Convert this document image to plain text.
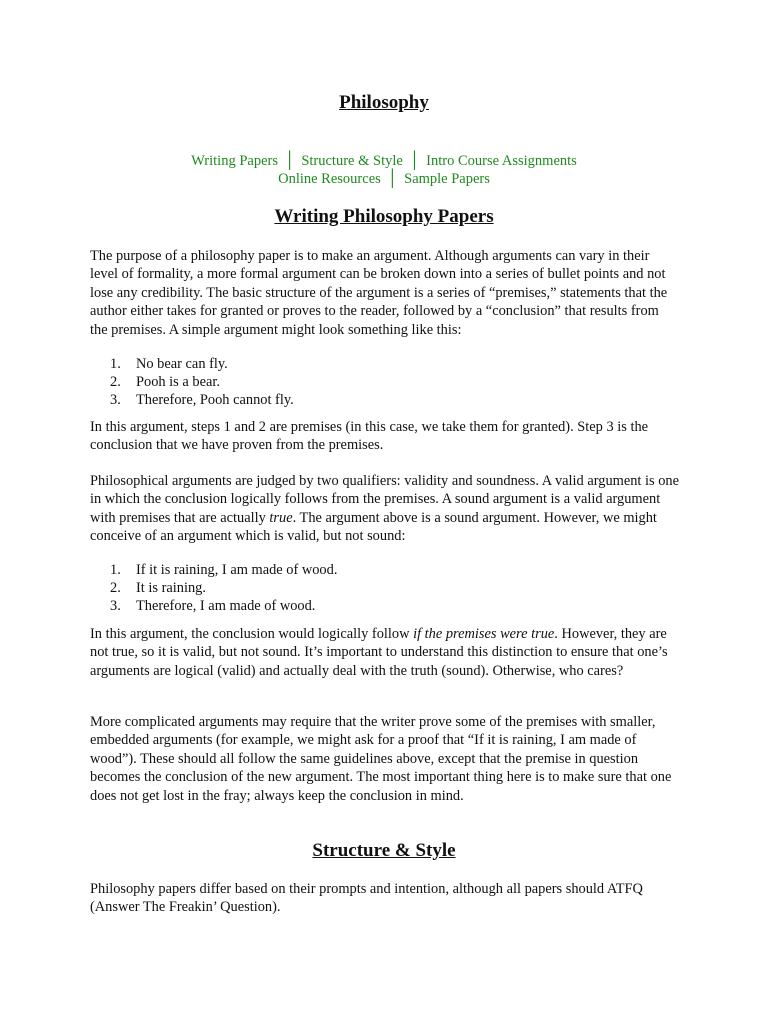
Philosophy
Writing Papers │ Structure & Style │ Intro Course Assignments
Online Resources │ Sample Papers
Writing Philosophy Papers

The purpose of a philosophy paper is to make an argument. Although arguments can vary in their level of formality, a more formal argument can be broken down into a series of bullet points and not lose any credibility. The basic structure of the argument is a series of “premises,” statements that the author either takes for granted or proves to the reader, followed by a “conclusion” that results from the premises. A simple argument might look something like this:

1. No bear can fly.
2. Pooh is a bear.
3. Therefore, Pooh cannot fly.

In this argument, steps 1 and 2 are premises (in this case, we take them for granted). Step 3 is the conclusion that we have proven from the premises.

Philosophical arguments are judged by two qualifiers: validity and soundness. A valid argument is one in which the conclusion logically follows from the premises. A sound argument is a valid argument with premises that are actually true. The argument above is a sound argument. However, we might conceive of an argument which is valid, but not sound:

1. If it is raining, I am made of wood.
2. It is raining.
3. Therefore, I am made of wood.

In this argument, the conclusion would logically follow if the premises were true. However, they are not true, so it is valid, but not sound. It’s important to understand this distinction to ensure that one’s arguments are logical (valid) and actually deal with the truth (sound). Otherwise, who cares?

More complicated arguments may require that the writer prove some of the premises with smaller, embedded arguments (for example, we might ask for a proof that “If it is raining, I am made of wood”). These should all follow the same guidelines above, except that the premise in question becomes the conclusion of the new argument. The most important thing here is to make sure that one does not get lost in the fray; always keep the conclusion in mind.

Structure & Style

Philosophy papers differ based on their prompts and intention, although all papers should ATFQ (Answer The Freakin’ Question).
